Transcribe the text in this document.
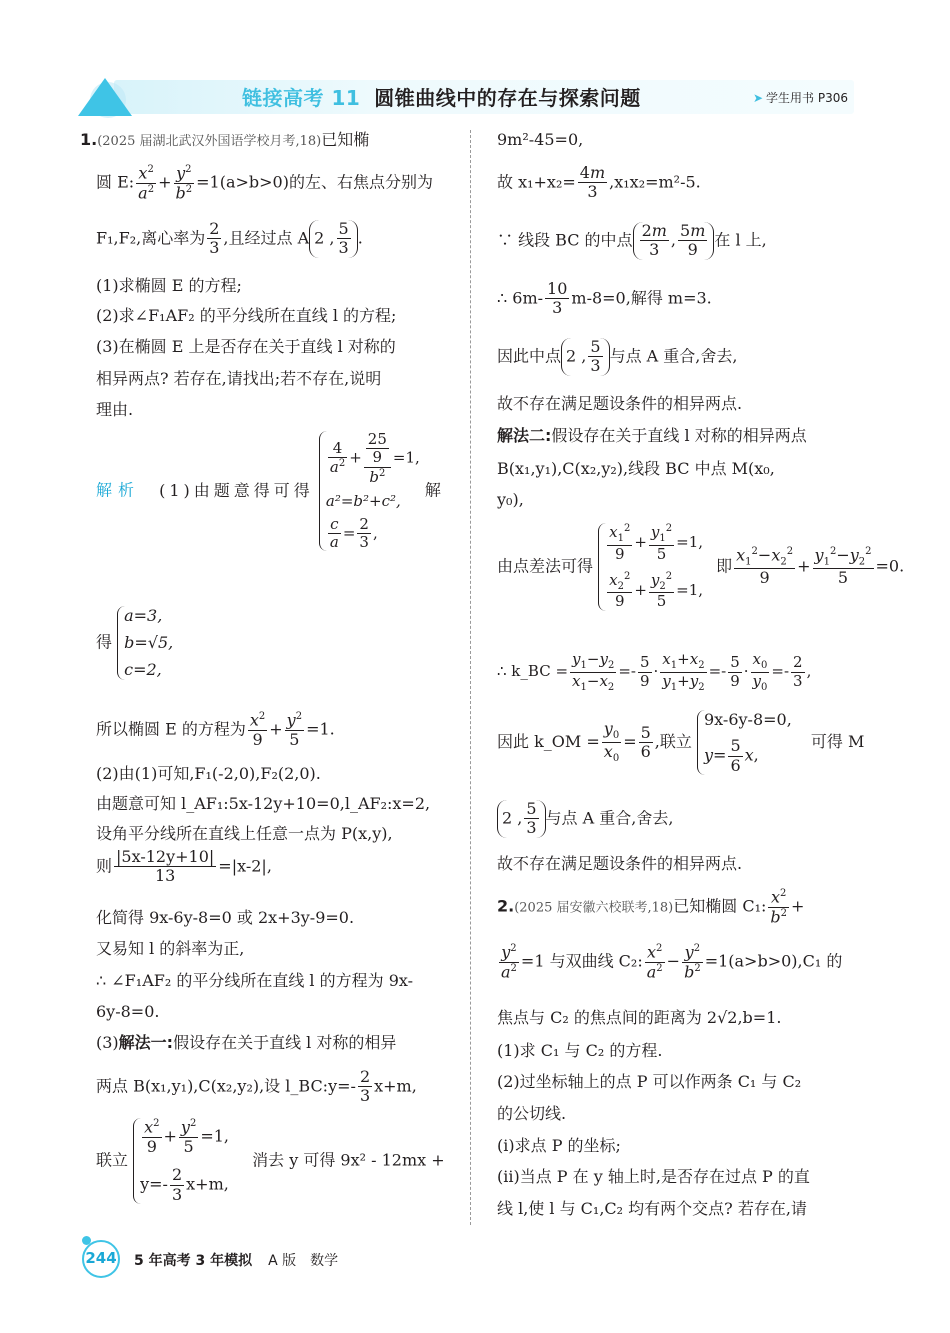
链接高考 11 圆锥曲线中的存在与探索问题	➤ 学生用书 P306
1.(2025 届湖北武汉外国语学校月考,18)已知椭
圆 E: $\frac{x^2}{a^2} + \frac{y^2}{b^2} =1(a>b>0)$的左、右焦点分别为
F₁,F₂,离心率为 $\frac{2}{3}$ ,且经过点 A 2 , $\frac{5}{3}$ .
(1)求椭圆 E 的方程;
(2)求∠F₁AF₂ 的平分线所在直线 l 的方程;
(3)在椭圆 E 上是否存在关于直线 l 对称的
相异两点? 若存在,请找出;若不存在,说明
理由.
解析 (1)由题意得可得
$\frac{4}{a^2} + \frac{\frac{25}{9}}{b^2} =1$,
a²=b²+c²,
$\frac{c}{a} = \frac{2}{3}$ ,
解
得
a=3,
b=√5,
c=2,
所以椭圆 E 的方程为 $\frac{x^2}{9} + \frac{y^2}{5} =1$.
(2)由(1)可知,F₁(-2,0),F₂(2,0).
由题意可知 l_AF₁:5x-12y+10=0,l_AF₂:x=2,
设角平分线所在直线上任意一点为 P(x,y),
则 $\frac{|5x-12y+10|}{13} =|x-2|$,
化简得 9x-6y-8=0 或 2x+3y-9=0.
又易知 l 的斜率为正,
∴ ∠F₁AF₂ 的平分线所在直线 l 的方程为 9x-
6y-8=0.
(3)解法一:假设存在关于直线 l 对称的相异
两点 B(x₁,y₁),C(x₂,y₂),设 l_BC:y=- $\frac{2}{3} x+m$,
联立
$\frac{x^2}{9} + \frac{y^2}{5} =1$,
$y=- \frac{2}{3} x+m$,
消去 y 可得 9x² - 12mx +
9m²-45=0,
故 $x_1+x_2= \frac{4m}{3} ,x_1x_2=m^2-5$.
∵ 线段 BC 的中点 $\frac{2m}{3}$ , $\frac{5m}{9}$ 在 l 上,
∴ $6m- \frac{10}{3} m-8=0$,解得 m=3.
因此中点 2 , $\frac{5}{3}$ 与点 A 重合,舍去,
故不存在满足题设条件的相异两点.
解法二:假设存在关于直线 l 对称的相异两点
B(x₁,y₁),C(x₂,y₂),线段 BC 中点 M(x₀,
y₀),
由点差法可得
$\frac{x_1^2}{9} + \frac{y_1^2}{5} =1$,
$\frac{x_2^2}{9} + \frac{y_2^2}{5} =1$,
即 $\frac{x_1^2-x_2^2}{9} + \frac{y_1^2-y_2^2}{5} =0$.
∴ k_BC = $\frac{y_1-y_2}{x_1-x_2} =- \frac{5}{9} \cdot \frac{x_1+x_2}{y_1+y_2} =- \frac{5}{9} \cdot \frac{x_0}{y_0} =- \frac{2}{3}$ ,
因此 k_OM = $\frac{y_0}{x_0} = \frac{5}{6}$ ,联立
9x-6y-8=0,
$y= \frac{5}{6} x$,
可得 M
2 , $\frac{5}{3}$ 与点 A 重合,舍去,
故不存在满足题设条件的相异两点.
2.(2025 届安徽六校联考,18)已知椭圆 C₁: $\frac{x^2}{b^2}$ +
$\frac{y^2}{a^2} =1$ 与双曲线 C₂: $\frac{x^2}{a^2} - \frac{y^2}{b^2} =1(a>b>0),C_1$ 的
焦点与 C₂ 的焦点间的距离为 2√2,b=1.
(1)求 C₁ 与 C₂ 的方程.
(2)过坐标轴上的点 P 可以作两条 C₁ 与 C₂
的公切线.
(i)求点 P 的坐标;
(ii)当点 P 在 y 轴上时,是否存在过点 P 的直
线 l,使 l 与 C₁,C₂ 均有两个交点? 若存在,请
244 5 年高考 3 年模拟 A 版 数学
